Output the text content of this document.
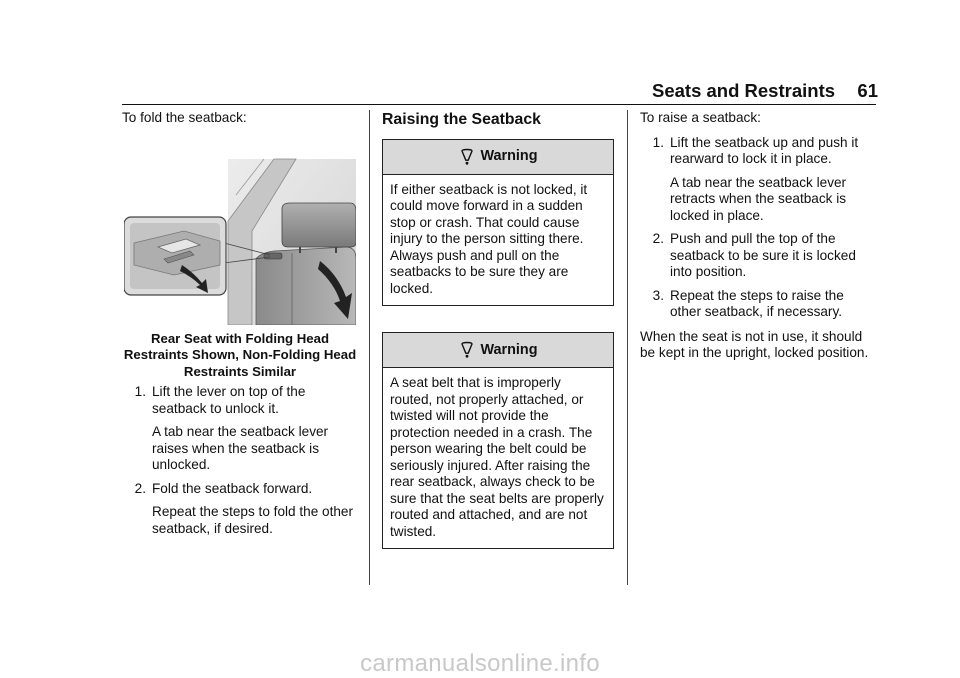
Seats and Restraints 61

To fold the seatback:

Rear Seat with Folding Head Restraints Shown, Non-Folding Head Restraints Similar

1. Lift the lever on top of the seatback to unlock it.

A tab near the seatback lever raises when the seatback is unlocked.

2. Fold the seatback forward.

Repeat the steps to fold the other seatback, if desired.

Raising the Seatback
Warning
If either seatback is not locked, it could move forward in a sudden stop or crash. That could cause injury to the person sitting there. Always push and pull on the seatbacks to be sure they are locked.
Warning
A seat belt that is improperly routed, not properly attached, or twisted will not provide the protection needed in a crash. The person wearing the belt could be seriously injured. After raising the rear seatback, always check to be sure that the seat belts are properly routed and attached, and are not twisted.

To raise a seatback:

1. Lift the seatback up and push it rearward to lock it in place.

A tab near the seatback lever retracts when the seatback is locked in place.

2. Push and pull the top of the seatback to be sure it is locked into position.

3. Repeat the steps to raise the other seatback, if necessary.

When the seat is not in use, it should be kept in the upright, locked position.

carmanualsonline.info
